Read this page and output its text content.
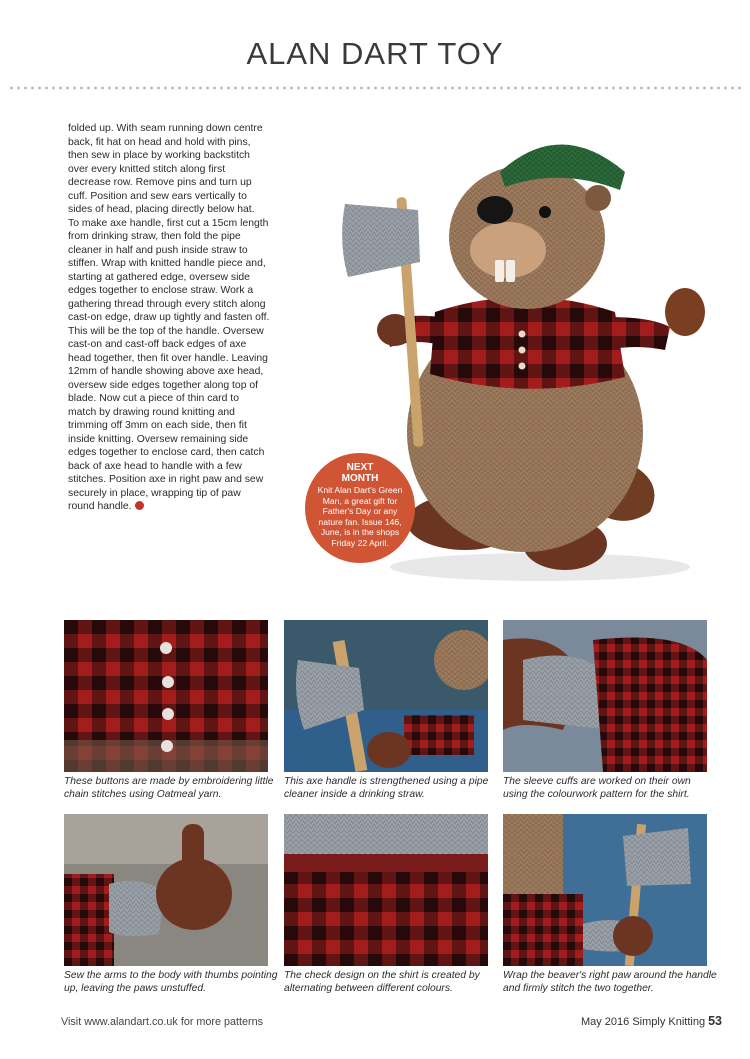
ALAN DART TOY

folded up. With seam running down centre back, fit hat on head and hold with pins, then sew in place by working backstitch over every knitted stitch along first decrease row. Remove pins and turn up cuff. Position and sew ears vertically to sides of head, placing directly below hat.

To make axe handle, first cut a 15cm length from drinking straw, then fold the pipe cleaner in half and push inside straw to stiffen. Wrap with knitted handle piece and, starting at gathered edge, oversew side edges together to enclose straw. Work a gathering thread through every stitch along cast-on edge, draw up tightly and fasten off. This will be the top of the handle. Oversew cast-on and cast-off back edges of axe head together, then fit over handle. Leaving 12mm of handle showing above axe head, oversew side edges together along top of blade. Now cut a piece of thin card to match by drawing round knitting and trimming off 3mm on each side, then fit inside knitting. Oversew remaining side edges together to enclose card, then catch back of axe head to handle with a few stitches. Position axe in right paw and sew securely in place, wrapping tip of paw round handle.

NEXT
MONTH
Knit Alan Dart's Green Man, a great gift for Father's Day or any nature fan. Issue 146, June, is in the shops Friday 22 April.
These buttons are made by embroidering little chain stitches using Oatmeal yarn.
This axe handle is strengthened using a pipe cleaner inside a drinking straw.
The sleeve cuffs are worked on their own using the colourwork pattern for the shirt.
Sew the arms to the body with thumbs pointing up, leaving the paws unstuffed.
The check design on the shirt is created by alternating between different colours.
Wrap the beaver's right paw around the handle and firmly stitch the two together.
Visit www.alandart.co.uk for more patterns	May 2016 Simply Knitting 53
